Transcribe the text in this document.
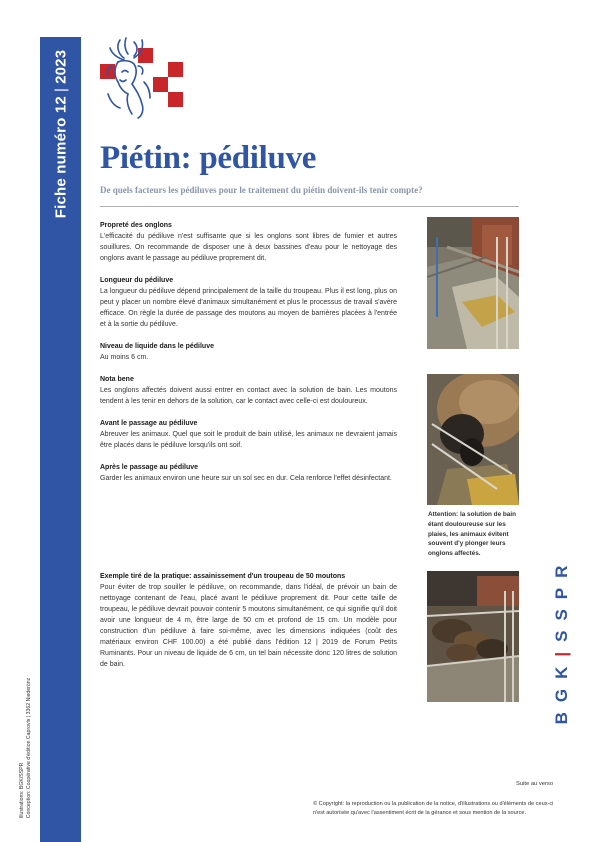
Fiche numéro 12|2023
Illustrations: BGK/SSPR Conception: Coopérative d'édition Caprovis | 3362 Niederönz
Piétin: pédiluve
De quels facteurs les pédiluves pour le traitement du piétin doivent-ils tenir compte?
Propreté des onglons

L'efficacité du pédiluve n'est suffisante que si les onglons sont libres de fumier et autres souillures. On recommande de disposer une à deux bassines d'eau pour le nettoyage des onglons avant le passage au pédiluve proprement dit.

Longueur du pédiluve

La longueur du pédiluve dépend principalement de la taille du troupeau. Plus il est long, plus on peut y placer un nombre élevé d'animaux simultanément et plus le processus de travail s'avère efficace. On règle la durée de passage des moutons au moyen de barrières placées à l'entrée et à la sortie du pédiluve.

Niveau de liquide dans le pédiluve

Au moins 6 cm.

Nota bene

Les onglons affectés doivent aussi entrer en contact avec la solution de bain. Les moutons tendent à les tenir en dehors de la solution, car le contact avec celle-ci est douloureux.

Avant le passage au pédiluve

Abreuver les animaux. Quel que soit le produit de bain utilisé, les animaux ne devraient jamais être placés dans le pédiluve lorsqu'ils ont soif.

Après le passage au pédiluve

Garder les animaux environ une heure sur un sol sec en dur. Cela renforce l'effet désinfectant.

Exemple tiré de la pratique: assainissement d'un troupeau de 50 moutons

Pour éviter de trop souiller le pédiluve, on recommande, dans l'idéal, de prévoir un bain de nettoyage contenant de l'eau, placé avant le pédiluve proprement dit. Pour cette taille de troupeau, le pédiluve devrait pouvoir contenir 5 moutons simultanément, ce qui signifie qu'il doit avoir une longueur de 4 m, être large de 50 cm et profond de 15 cm. Un modèle pour construction d'un pédiluve à faire soi-même, avec les dimensions indiquées (coût des matériaux environ CHF 100.00) a été publié dans l'édition 12 | 2019 de Forum Petits Ruminants. Pour un niveau de liquide de 6 cm, un tel bain nécessite donc 120 litres de solution de bain.

Attention: la solution de bain étant douloureuse sur les plaies, les animaux évitent souvent d'y plonger leurs onglons affectés.
BGK|SSPR
Suite au verso
© Copyright: la reproduction ou la publication de la notice, d'illustrations ou d'éléments de ceux-ci n'est autorisée qu'avec l'assentiment écrit de la gérance et sous mention de la source.
